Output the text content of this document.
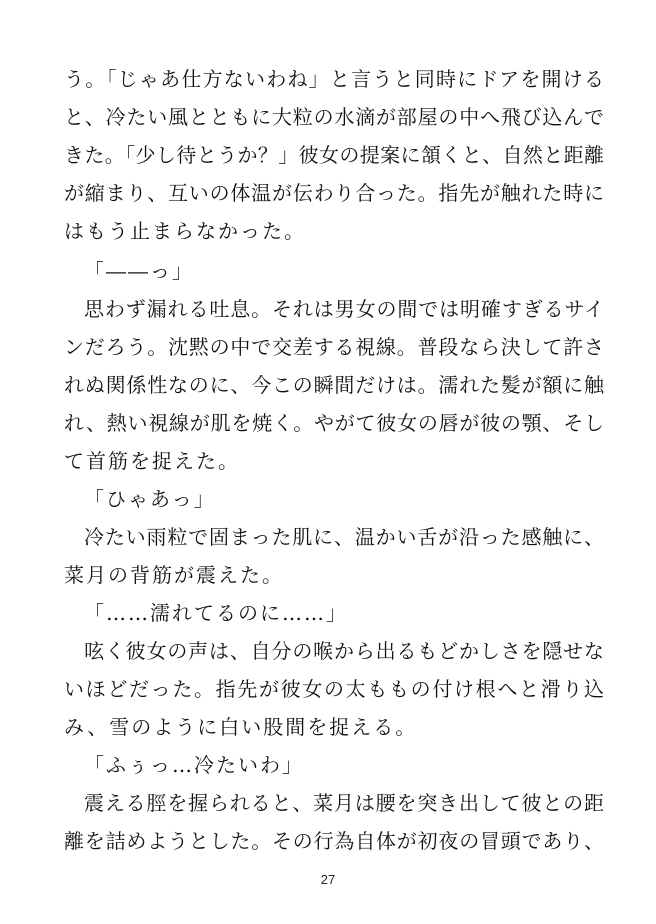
う。「じゃあ仕方ないわね」と言うと同時にドアを開ける
と、冷たい風とともに大粒の水滴が部屋の中へ飛び込んで
きた。「少し待とうか？」彼女の提案に頷くと、自然と距離
が縮まり、互いの体温が伝わり合った。指先が触れた時に
はもう止まらなかった。
「――っ」
思わず漏れる吐息。それは男女の間では明確すぎるサイ
ンだろう。沈黙の中で交差する視線。普段なら決して許さ
れぬ関係性なのに、今この瞬間だけは。濡れた髪が額に触
れ、熱い視線が肌を焼く。やがて彼女の唇が彼の顎、そし
て首筋を捉えた。
「ひゃあっ」
冷たい雨粒で固まった肌に、温かい舌が沿った感触に、
菜月の背筋が震えた。
「……濡れてるのに……」
呟く彼女の声は、自分の喉から出るもどかしさを隠せな
いほどだった。指先が彼女の太ももの付け根へと滑り込
み、雪のように白い股間を捉える。
「ふぅっ…冷たいわ」
震える脛を握られると、菜月は腰を突き出して彼との距
離を詰めようとした。その行為自体が初夜の冒頭であり、
27
